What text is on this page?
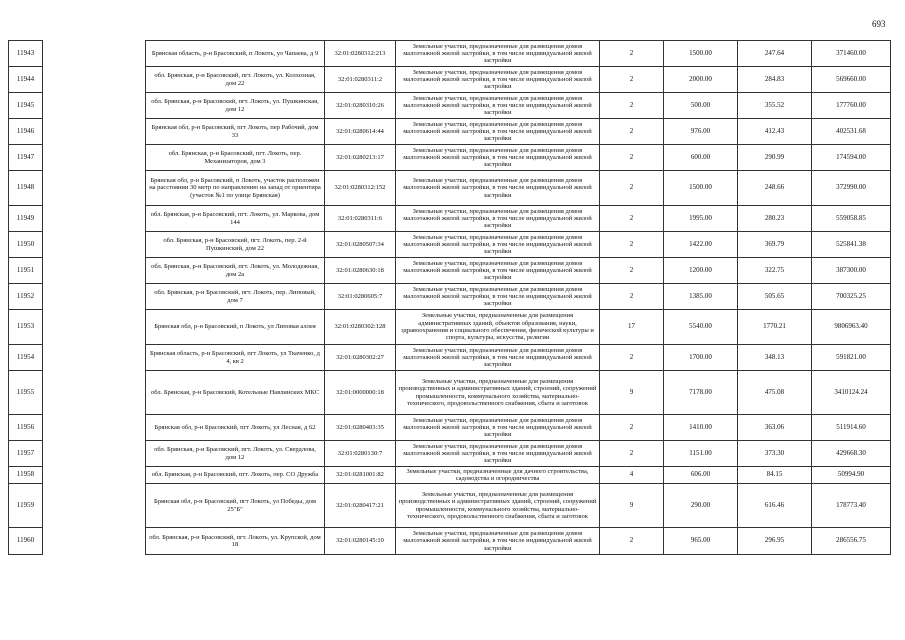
693
11943		Брянская область, р-н Брасовский, п Локоть, ул Чапаева, д 9	32:01:0280312:213	Земельные участки, предназначенные для размещения домов малоэтажной жилой застройки, в том числе индивидуальной жилой застройки	2	1500.00	247.64	371460.00
11944		обл. Брянская, р-н Брасовский, пгт. Локоть, ул. Колхозная, дом 22	32:01:0280311:2	Земельные участки, предназначенные для размещения домов малоэтажной жилой застройки, в том числе индивидуальной жилой застройки	2	2000.00	284.83	569660.00
11945		обл. Брянская, р-н Брасовский, пгт. Локоть, ул. Пушкинская, дом 12	32:01:0280310:26	Земельные участки, предназначенные для размещения домов малоэтажной жилой застройки, в том числе индивидуальной жилой застройки	2	500.00	355.52	177760.00
11946		Брянская обл, р-н Брасовский, пгт Локоть, пер Рабочий, дом 33	32:01:0280614:44	Земельные участки, предназначенные для размещения домов малоэтажной жилой застройки, в том числе индивидуальной жилой застройки	2	976.00	412.43	402531.68
11947		обл. Брянская, р-н Брасовский, пгт. Локоть, пер. Механизаторов, дом 3	32:01:0280213:17	Земельные участки, предназначенные для размещения домов малоэтажной жилой застройки, в том числе индивидуальной жилой застройки	2	600.00	290.99	174594.00
11948		Брянская обл, р-н Брасовский, п Локоть, участок расположен на расстоянии 30 метр по направлению на запад от ориентира (участок №1 по улице Брянская)	32:01:0280312:152	Земельные участки, предназначенные для размещения домов малоэтажной жилой застройки, в том числе индивидуальной жилой застройки	2	1500.00	248.66	372990.00
11949		обл. Брянская, р-н Брасовский, пгт. Локоть, ул. Маркова, дом 144	32:01:0280311:6	Земельные участки, предназначенные для размещения домов малоэтажной жилой застройки, в том числе индивидуальной жилой застройки	2	1995.00	280.23	559058.85
11950		обл. Брянская, р-н Брасовский, пгт. Локоть, пер. 2-й Пушкинский, дом 22	32:01:0280507:34	Земельные участки, предназначенные для размещения домов малоэтажной жилой застройки, в том числе индивидуальной жилой застройки	2	1422.00	369.79	525841.38
11951		обл. Брянская, р-н Брасовский, пгт. Локоть, ул. Молодежная, дом 2а	32:01:0280630:18	Земельные участки, предназначенные для размещения домов малоэтажной жилой застройки, в том числе индивидуальной жилой застройки	2	1200.00	322.75	387300.00
11952		обл. Брянская, р-н Брасовский, пгт. Локоть, пер. Липовый, дом 7	32:01:0280605:7	Земельные участки, предназначенные для размещения домов малоэтажной жилой застройки, в том числе индивидуальной жилой застройки	2	1385.00	505.65	700325.25
11953		Брянская обл, р-н Брасовский, п Локоть, ул Липовая аллея	32:01:0280302:128	Земельные участки, предназначенные для размещения административных зданий, объектов образования, науки, здравоохранения и социального обеспечения, физической культуры и спорта, культуры, искусства, религии	17	5540.00	1770.21	9806963.40
11954		Брянская область, р-н Брасовский, пгт Локоть, ул Ткаченко, д 4, кв 2	32:01:0280302:27	Земельные участки, предназначенные для размещения домов малоэтажной жилой застройки, в том числе индивидуальной жилой застройки	2	1700.00	348.13	591821.00
11955		обл. Брянская, р-н Брасовский, Котельные Навлинских МКС	32:01:0000000:18	Земельные участки, предназначенные для размещения производственных и административных зданий, строений, сооружений промышленности, коммунального хозяйства, материально-технического, продовольственного снабжения, сбыта и заготовок	9	7178.00	475.08	3410124.24
11956		Брянская обл, р-н Брасовский, пгт Локоть, ул Лесная, д 62	32:01:0280403:35	Земельные участки, предназначенные для размещения домов малоэтажной жилой застройки, в том числе индивидуальной жилой застройки	2	1410.00	363.06	511914.60
11957		обл. Брянская, р-н Брасовский, пгт. Локоть, ул. Свердлова, дом 12	32:01:0280130:7	Земельные участки, предназначенные для размещения домов малоэтажной жилой застройки, в том числе индивидуальной жилой застройки	2	1151.00	373.30	429668.30
11958		обл. Брянская, р-н Брасовский, пгт. Локоть, пер. СО Дружба	32:01:0281001:82	Земельные участки, предназначенные для дачного строительства, садоводства и огородничества	4	606.00	84.15	50994.90
11959		Брянская обл, р-н Брасовский, пгт Локоть, ул Победы, дом 25"Б"	32:01:0280417:21	Земельные участки, предназначенные для размещения производственных и административных зданий, строений, сооружений промышленности, коммунального хозяйства, материально-технического, продовольственного снабжения, сбыта и заготовок	9	290.00	616.46	178773.40
11960		обл. Брянская, р-н Брасовский, пгт. Локоть, ул. Крупской, дом 18	32:01:0280145:10	Земельные участки, предназначенные для размещения домов малоэтажной жилой застройки, в том числе индивидуальной жилой застройки	2	965.00	296.95	286556.75
